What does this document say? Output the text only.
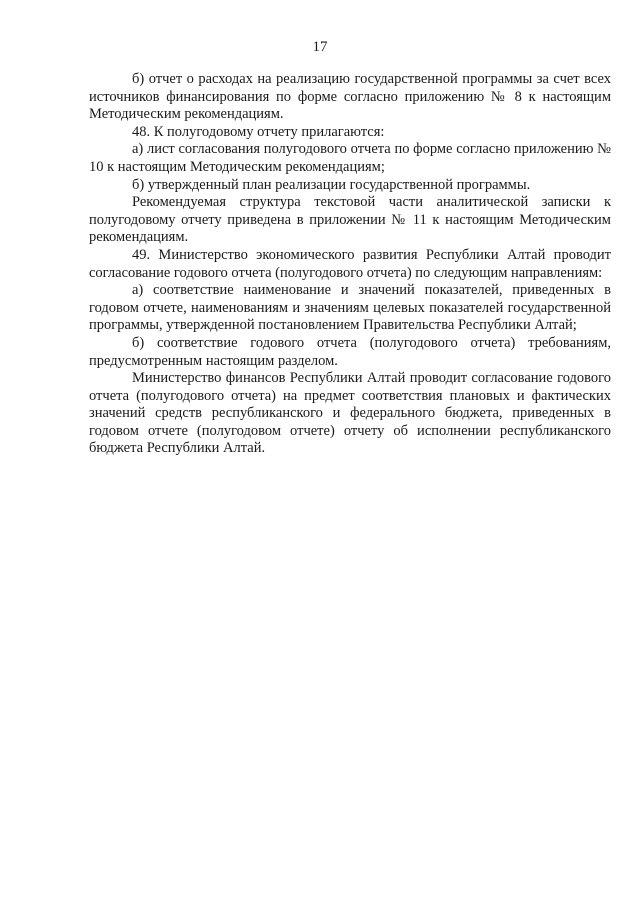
17

б) отчет о расходах на реализацию государственной программы за счет всех источников финансирования по форме согласно приложению № 8 к настоящим Методическим рекомендациям.

48. К полугодовому отчету прилагаются:

а) лист согласования полугодового отчета по форме согласно приложению № 10 к настоящим Методическим рекомендациям;

б) утвержденный план реализации государственной программы.

Рекомендуемая структура текстовой части аналитической записки к полугодовому отчету приведена в приложении № 11 к настоящим Методическим рекомендациям.

49. Министерство экономического развития Республики Алтай проводит согласование годового отчета (полугодового отчета) по следующим направлениям:

а) соответствие наименование и значений показателей, приведенных в годовом отчете, наименованиям и значениям целевых показателей государственной программы, утвержденной постановлением Правительства Республики Алтай;

б) соответствие годового отчета (полугодового отчета) требованиям, предусмотренным настоящим разделом.

Министерство финансов Республики Алтай проводит согласование годового отчета (полугодового отчета) на предмет соответствия плановых и фактических значений средств республиканского и федерального бюджета, приведенных в годовом отчете (полугодовом отчете) отчету об исполнении республиканского бюджета Республики Алтай.
